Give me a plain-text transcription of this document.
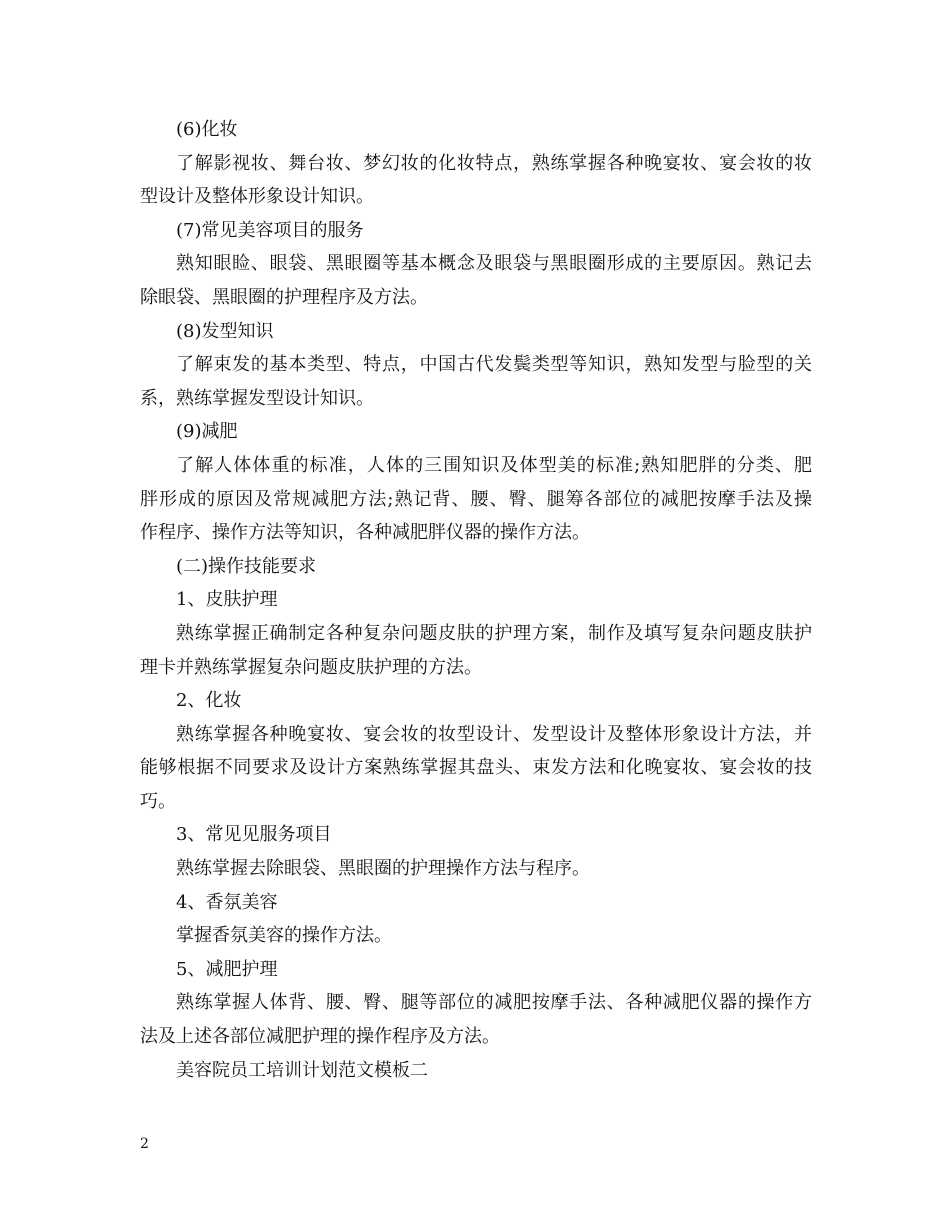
(6)化妆
了解影视妆、舞台妆、梦幻妆的化妆特点，熟练掌握各种晚宴妆、宴会妆的妆
型设计及整体形象设计知识。
(7)常见美容项目的服务
熟知眼睑、眼袋、黑眼圈等基本概念及眼袋与黑眼圈形成的主要原因。熟记去
除眼袋、黑眼圈的护理程序及方法。
(8)发型知识
了解束发的基本类型、特点，中国古代发鬓类型等知识，熟知发型与脸型的关
系，熟练掌握发型设计知识。
(9)减肥
了解人体体重的标准，人体的三围知识及体型美的标准;熟知肥胖的分类、肥
胖形成的原因及常规减肥方法;熟记背、腰、臀、腿筹各部位的减肥按摩手法及操
作程序、操作方法等知识，各种减肥胖仪器的操作方法。
(二)操作技能要求
1、皮肤护理
熟练掌握正确制定各种复杂问题皮肤的护理方案，制作及填写复杂问题皮肤护
理卡并熟练掌握复杂问题皮肤护理的方法。
2、化妆
熟练掌握各种晚宴妆、宴会妆的妆型设计、发型设计及整体形象设计方法，并
能够根据不同要求及设计方案熟练掌握其盘头、束发方法和化晚宴妆、宴会妆的技
巧。
3、常见见服务项目
熟练掌握去除眼袋、黑眼圈的护理操作方法与程序。
4、香氛美容
掌握香氛美容的操作方法。
5、减肥护理
熟练掌握人体背、腰、臀、腿等部位的减肥按摩手法、各种减肥仪器的操作方
法及上述各部位减肥护理的操作程序及方法。
美容院员工培训计划范文模板二
2
